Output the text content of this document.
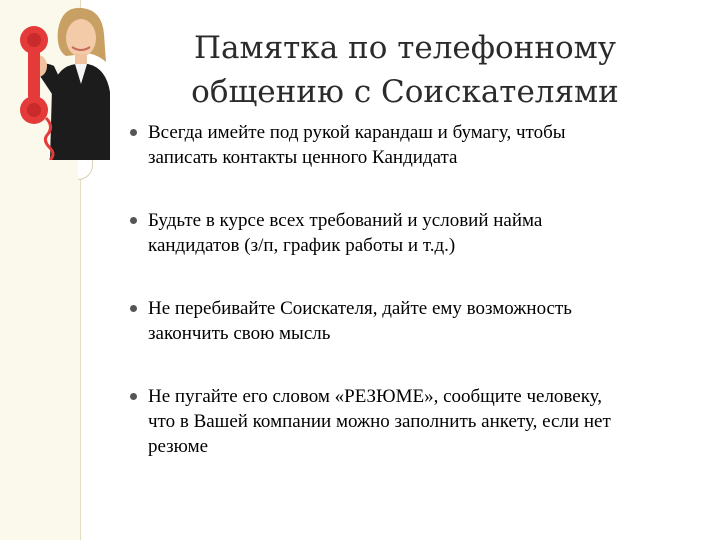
Памятка по телефонному
общению с Соискателями
Всегда имейте под рукой карандаш и бумагу, чтобы
записать контакты ценного Кандидата
Будьте в курсе всех требований и условий найма
кандидатов (з/п, график работы и т.д.)
Не перебивайте Соискателя, дайте ему возможность
закончить свою мысль
Не пугайте его словом «РЕЗЮМЕ», сообщите человеку,
что в Вашей компании можно заполнить анкету, если нет
резюме
